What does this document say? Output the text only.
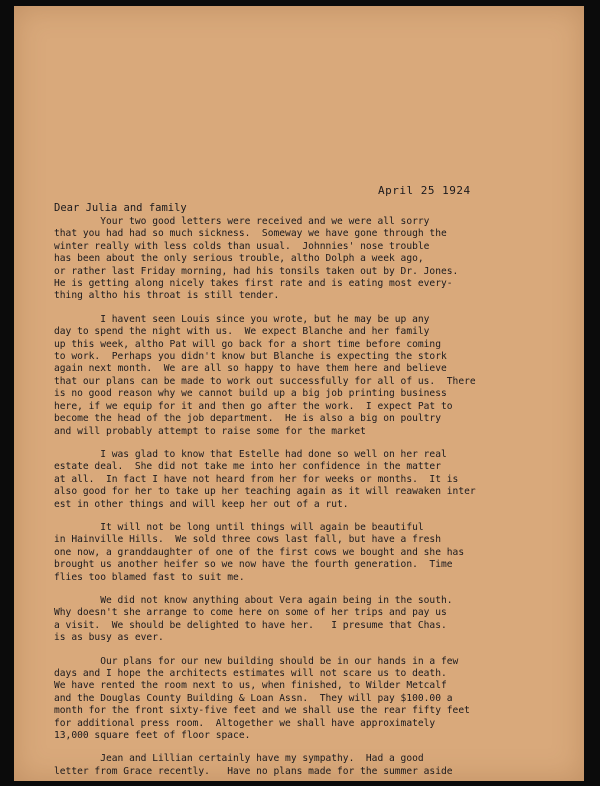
April 25 1924
Dear Julia and family
Your two good letters were received and we were all sorry
that you had had so much sickness.  Someway we have gone through the
winter really with less colds than usual.  Johnnies' nose trouble
has been about the only serious trouble, altho Dolph a week ago,
or rather last Friday morning, had his tonsils taken out by Dr. Jones.
He is getting along nicely takes first rate and is eating most every-
thing altho his throat is still tender.
I havent seen Louis since you wrote, but he may be up any
day to spend the night with us.  We expect Blanche and her family
up this week, altho Pat will go back for a short time before coming
to work.  Perhaps you didn't know but Blanche is expecting the stork
again next month.  We are all so happy to have them here and believe
that our plans can be made to work out successfully for all of us.  There
is no good reason why we cannot build up a big job printing business
here, if we equip for it and then go after the work.  I expect Pat to
become the head of the job department.  He is also a big on poultry
and will probably attempt to raise some for the market
I was glad to know that Estelle had done so well on her real
estate deal.  She did not take me into her confidence in the matter
at all.  In fact I have not heard from her for weeks or months.  It is
also good for her to take up her teaching again as it will reawaken inter
est in other things and will keep her out of a rut.
It will not be long until things will again be beautiful
in Hainville Hills.  We sold three cows last fall, but have a fresh
one now, a granddaughter of one of the first cows we bought and she has
brought us another heifer so we now have the fourth generation.  Time
flies too blamed fast to suit me.
We did not know anything about Vera again being in the south.
Why doesn't she arrange to come here on some of her trips and pay us
a visit.  We should be delighted to have her.   I presume that Chas.
is as busy as ever.
Our plans for our new building should be in our hands in a few
days and I hope the architects estimates will not scare us to death.
We have rented the room next to us, when finished, to Wilder Metcalf
and the Douglas County Building & Loan Assn.  They will pay $100.00 a
month for the front sixty-five feet and we shall use the rear fifty feet
for additional press room.  Altogether we shall have approximately
13,000 square feet of floor space.
Jean and Lillian certainly have my sympathy.  Had a good
letter from Grace recently.   Have no plans made for the summer aside
